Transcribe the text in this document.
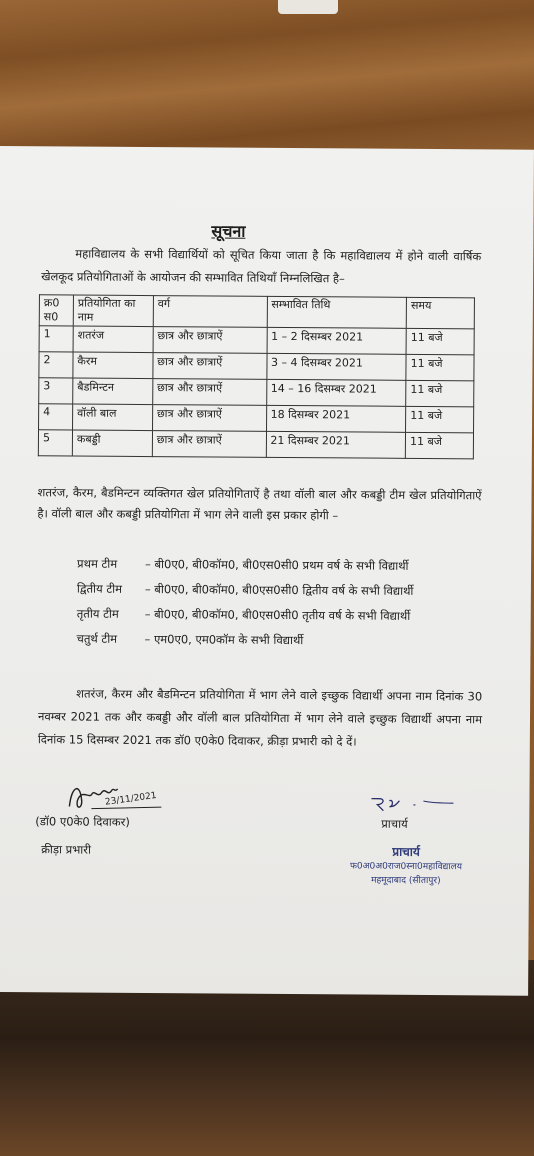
सूचना
महाविद्यालय के सभी विद्यार्थियों को सूचित किया जाता है कि महाविद्यालय में होने वाली वार्षिक खेलकूद प्रतियोगिताओं के आयोजन की सम्भावित तिथियाँ निम्नलिखित है–
क्र0 स0	प्रतियोगिता का नाम	वर्ग	सम्भावित तिथि	समय
1	शतरंज	छात्र और छात्राऐं	1 – 2 दिसम्बर 2021	11 बजे
2	कैरम	छात्र और छात्राऐं	3 – 4 दिसम्बर 2021	11 बजे
3	बैडमिन्टन	छात्र और छात्राऐं	14 – 16 दिसम्बर 2021	11 बजे
4	वॉली बाल	छात्र और छात्राऐं	18 दिसम्बर 2021	11 बजे
5	कबड्डी	छात्र और छात्राऐं	21 दिसम्बर 2021	11 बजे
शतरंज, कैरम, बैडमिन्टन व्यक्तिगत खेल प्रतियोगिताऐं है तथा वॉली बाल और कबड्डी टीम खेल प्रतियोगिताऐं है। वॉली बाल और कबड्डी प्रतियोगिता में भाग लेने वाली इस प्रकार होगी –
प्रथम टीम	– बी0ए0, बी0कॉम0, बी0एस0सी0 प्रथम वर्ष के सभी विद्यार्थी
द्वितीय टीम	– बी0ए0, बी0कॉम0, बी0एस0सी0 द्वितीय वर्ष के सभी विद्यार्थी
तृतीय टीम	– बी0ए0, बी0कॉम0, बी0एस0सी0 तृतीय वर्ष के सभी विद्यार्थी
चतुर्थ टीम	– एम0ए0, एम0कॉम के सभी विद्यार्थी
शतरंज, कैरम और बैडमिन्टन प्रतियोगिता में भाग लेने वाले इच्छुक विद्यार्थी अपना नाम दिनांक 30 नवम्बर 2021 तक और कबड्डी और वॉली बाल प्रतियोगिता में भाग लेने वाले इच्छुक विद्यार्थी अपना नाम दिनांक 15 दिसम्बर 2021 तक डॉ0 ए0के0 दिवाकर, क्रीड़ा प्रभारी को दे दें।
23/11/2021
(डॉ0 ए0के0 दिवाकर)
क्रीड़ा प्रभारी
प्राचार्य
प्राचार्य
फ0अ0अ0राज0स्ना0महाविद्यालय
महमूदाबाद (सीतापुर)
